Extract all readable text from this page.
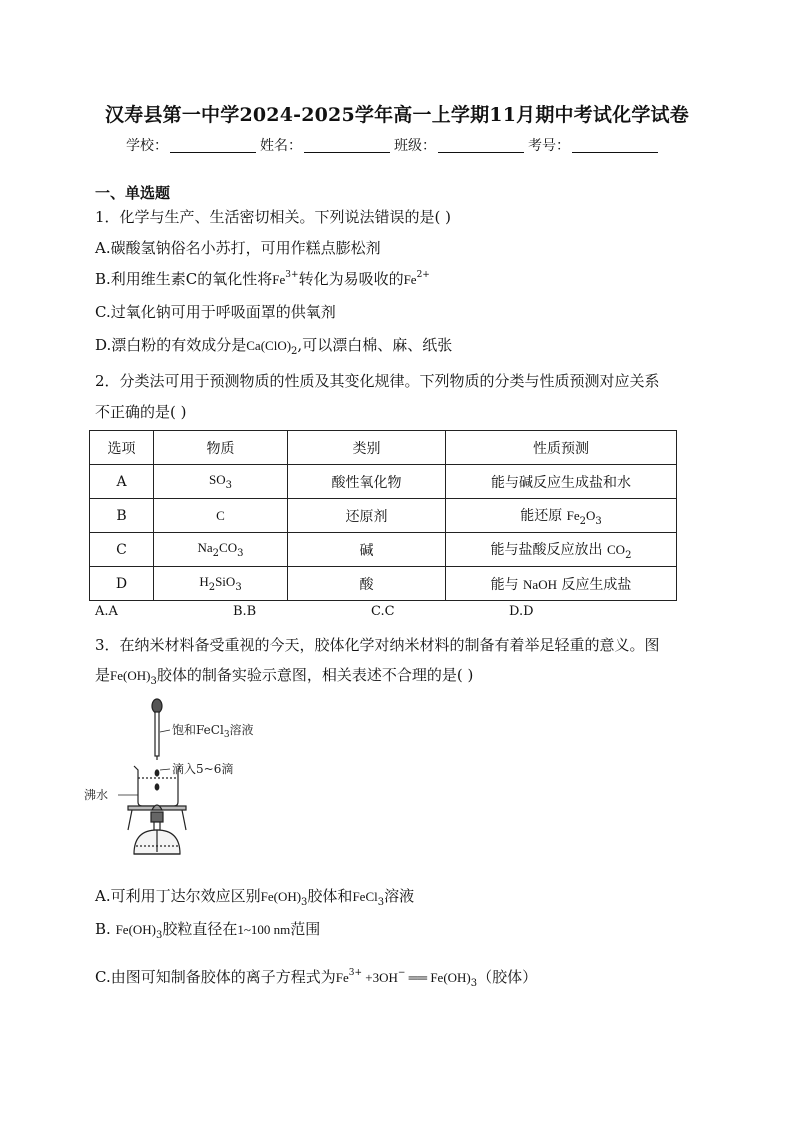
汉寿县第一中学2024-2025学年高一上学期11月期中考试化学试卷
学校：	姓名：	班级：	考号：
一、单选题
1．化学与生产、生活密切相关。下列说法错误的是( )
A.碳酸氢钠俗名小苏打，可用作糕点膨松剂
B.利用维生素C的氧化性将$Fe^{3+}$转化为易吸收的$Fe^{2+}$
C.过氧化钠可用于呼吸面罩的供氧剂
D.漂白粉的有效成分是$Ca(ClO)_2$,可以漂白棉、麻、纸张
2．分类法可用于预测物质的性质及其变化规律。下列物质的分类与性质预测对应关系
不正确的是( )
选项	物质	类别	性质预测
A	$SO_3$	酸性氧化物	能与碱反应生成盐和水
B	C	还原剂	能还原 $Fe_2O_3$
C	$Na_2CO_3$	碱	能与盐酸反应放出 $CO_2$
D	$H_2SiO_3$	酸	能与 NaOH 反应生成盐
A.A	B.B	C.C	D.D
3．在纳米材料备受重视的今天，胶体化学对纳米材料的制备有着举足轻重的意义。图
是$Fe(OH)_3$胶体的制备实验示意图，相关表述不合理的是( )
饱和FeCl$_3$溶液
滴入5~6滴
沸水
A.可利用丁达尔效应区别$Fe(OH)_3$胶体和FeCl$_3$溶液
B. $Fe(OH)_3$胶粒直径在1~100 nm范围
C.由图可知制备胶体的离子方程式为$Fe^{3+} +3OH^-$ ══ $Fe(OH)_3$（胶体）
